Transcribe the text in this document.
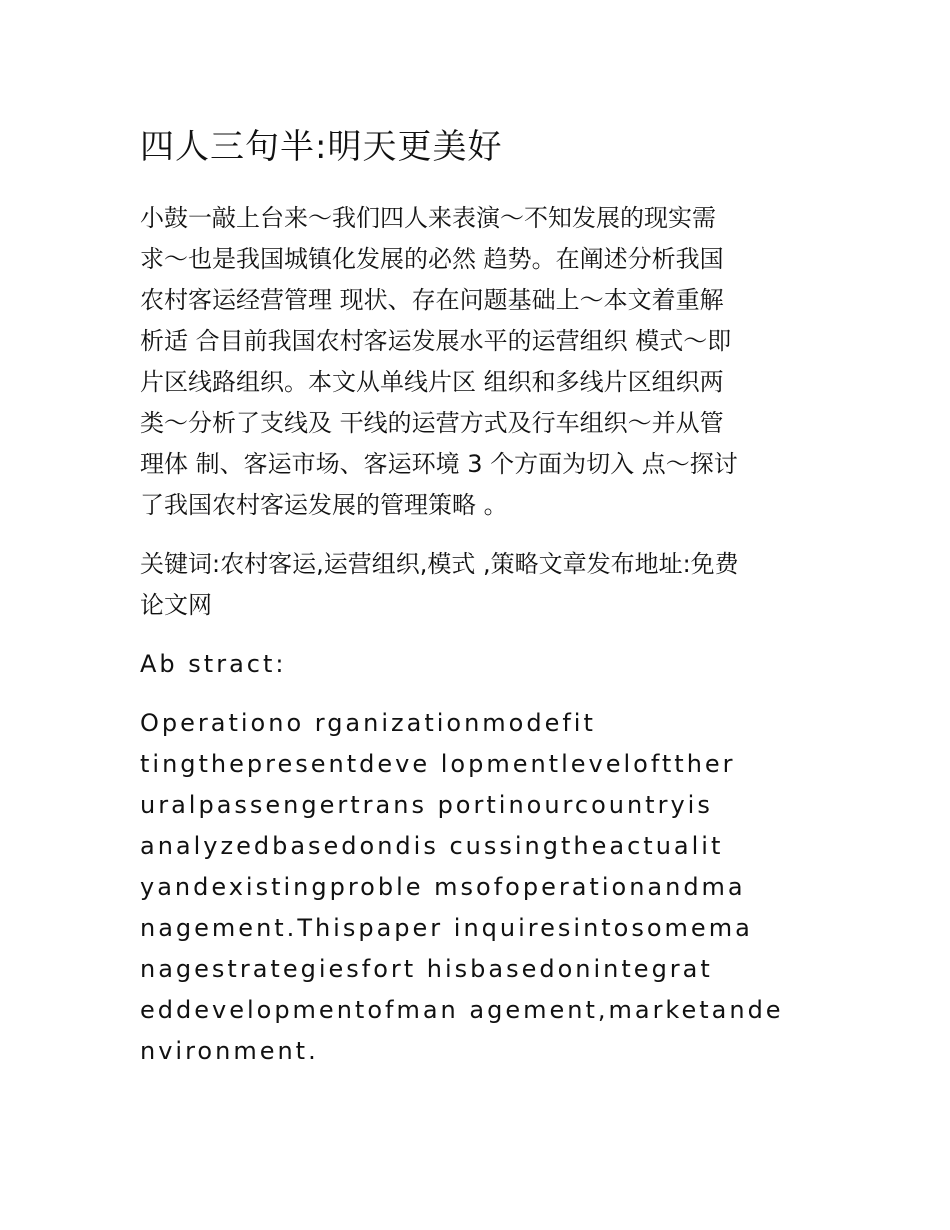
四人三句半:明天更美好
小鼓一敲上台来～我们四人来表演～不知发展的现实需
求～也是我国城镇化发展的必然 趋势。在阐述分析我国
农村客运经营管理 现状、存在问题基础上～本文着重解
析适 合目前我国农村客运发展水平的运营组织 模式～即
片区线路组织。本文从单线片区 组织和多线片区组织两
类～分析了支线及 干线的运营方式及行车组织～并从管
理体 制、客运市场、客运环境 3 个方面为切入 点～探讨
了我国农村客运发展的管理策略 。
关键词:农村客运,运营组织,模式 ,策略文章发布地址:免费
论文网
Ab stract:
Operationo rganizationmodefit
tingthepresentdeve lopmentleveloftther
uralpassengertrans portinourcountryis
analyzedbasedondis cussingtheactualit
yandexistingproble msofoperationandma
nagement.Thispaper inquiresintosomema
nagestrategiesfort hisbasedonintegrat
eddevelopmentofman agement,marketande
nvironment.
